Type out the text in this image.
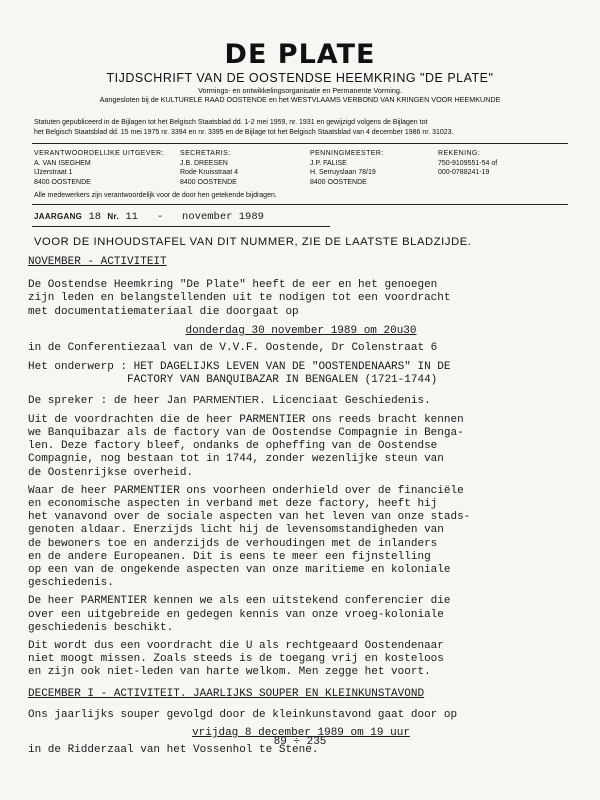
DE PLATE
TIJDSCHRIFT VAN DE OOSTENDSE HEEMKRING "DE PLATE"
Vormings- en ontwikkelingsorganisatie en Permanente Vorming.
Aangesloten bij de KULTURELE RAAD OOSTENDE en het WESTVLAAMS VERBOND VAN KRINGEN VOOR HEEMKUNDE
Statuten gepubliceerd in de Bijlagen tot het Belgisch Staatsblad dd. 1-2 mei 1959, nr. 1931 en gewijzigd volgens de Bijlagen tot
het Belgisch Staatsblad dd. 15 mei 1975 nr. 3394 en nr. 3395 en de Bijlage tot het Belgisch Staatsblad van 4 december 1986 nr. 31023.
VERANTWOORDELIJKE UITGEVER:
A. VAN ISEGHEM
IJzerstraat 1
8400 OOSTENDE
SECRETARIS:
J.B. DREESEN
Rode Kruisstraat 4
8400 OOSTENDE
PENNINGMEESTER:
J.P. FALISE
H. Serruyslaan 78/19
8400 OOSTENDE
REKENING:
750-9109551-54 of
000-0788241-19
Alle medewerkers zijn verantwoordelijk voor de door hen getekende bijdragen.
JAARGANG 18 Nr. 11 - november 1989
VOOR DE INHOUDSTAFEL VAN DIT NUMMER, ZIE DE LAATSTE BLADZIJDE.

NOVEMBER - ACTIVITEIT

De Oostendse Heemkring "De Plate" heeft de eer en het genoegen

zijn leden en belangstellenden uit te nodigen tot een voordracht

met documentatiemateriaal die doorgaat op

donderdag 30 november 1989 om 20u30

in de Conferentiezaal van de V.V.F. Oostende, Dr Colenstraat 6

Het onderwerp : HET DAGELIJKS LEVEN VAN DE "OOSTENDENAARS" IN DE

FACTORY VAN BANQUIBAZAR IN BENGALEN (1721-1744)

De spreker : de heer Jan PARMENTIER. Licenciaat Geschiedenis.

Uit de voordrachten die de heer PARMENTIER ons reeds bracht kennen

we Banquibazar als de factory van de Oostendse Compagnie in Benga-

len. Deze factory bleef, ondanks de opheffing van de Oostendse

Compagnie, nog bestaan tot in 1744, zonder wezenlijke steun van

de Oostenrijkse overheid.

Waar de heer PARMENTIER ons voorheen onderhield over de financiële

en economische aspecten in verband met deze factory, heeft hij

het vanavond over de sociale aspecten van het leven van onze stads-

genoten aldaar. Enerzijds licht hij de levensomstandigheden van

de bewoners toe en anderzijds de verhoudingen met de inlanders

en de andere Europeanen. Dit is eens te meer een fijnstelling

op een van de ongekende aspecten van onze maritieme en koloniale

geschiedenis.

De heer PARMENTIER kennen we als een uitstekend conferencier die

over een uitgebreide en gedegen kennis van onze vroeg-koloniale

geschiedenis beschikt.

Dit wordt dus een voordracht die U als rechtgeaard Oostendenaar

niet moogt missen. Zoals steeds is de toegang vrij en kosteloos

en zijn ook niet-leden van harte welkom. Men zegge het voort.

DECEMBER I - ACTIVITEIT. JAARLIJKS SOUPER EN KLEINKUNSTAVOND

Ons jaarlijks souper gevolgd door de kleinkunstavond gaat door op

vrijdag 8 december 1989 om 19 uur

in de Ridderzaal van het Vossenhol te Stene.

89 ÷ 235
